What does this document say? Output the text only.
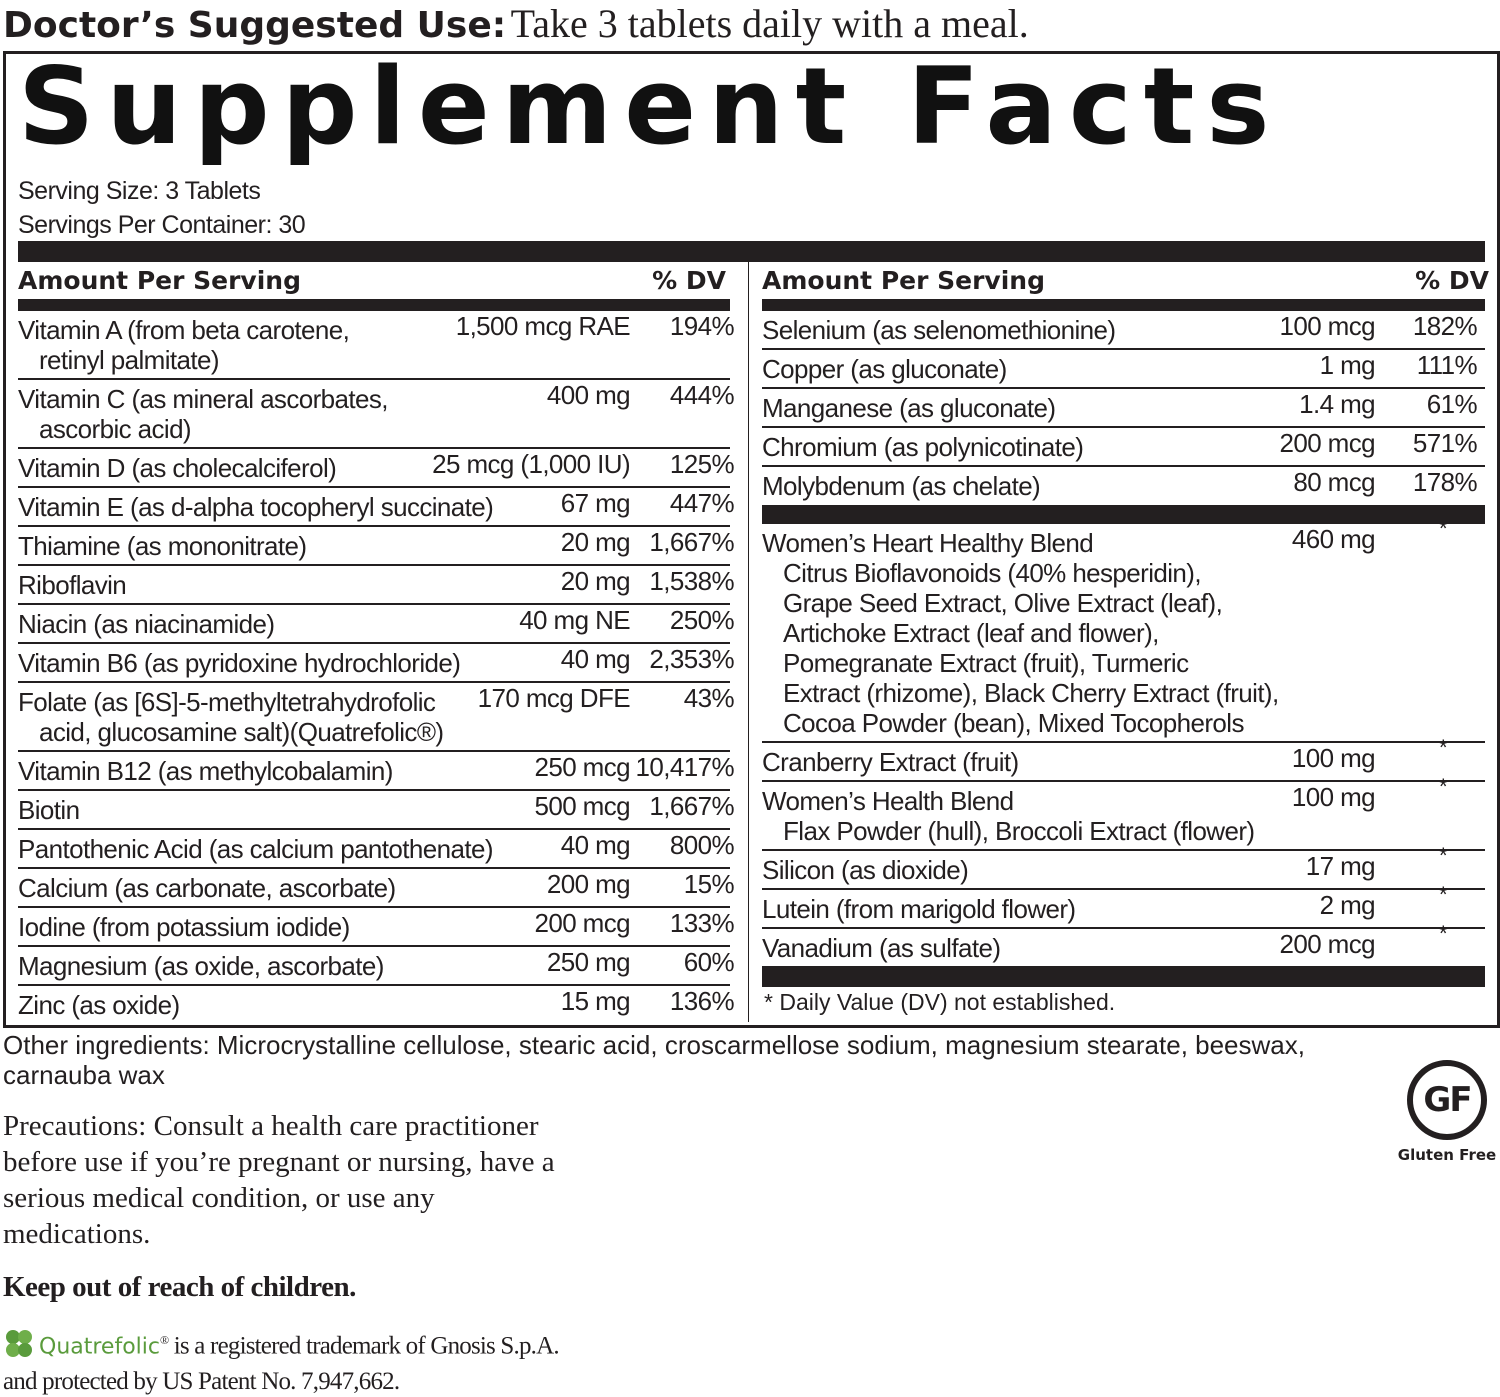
Doctor’s Suggested Use: Take 3 tablets daily with a meal.
Supplement Facts
Serving Size: 3 Tablets
Servings Per Container: 30
Amount Per Serving	% DV
Vitamin A (from beta carotene,
retinyl palmitate)
1,500 mcg RAE 194%
Vitamin C (as mineral ascorbates,
ascorbic acid)
400 mg 444%
Vitamin D (as cholecalciferol)	25 mcg (1,000 IU) 125%
Vitamin E (as d-alpha tocopheryl succinate)	67 mg 447%
Thiamine (as mononitrate)	20 mg 1,667%
Riboflavin	20 mg 1,538%
Niacin (as niacinamide)	40 mg NE 250%
Vitamin B6 (as pyridoxine hydrochloride)	40 mg 2,353%
Folate (as [6S]-5-methyltetrahydrofolic
acid, glucosamine salt)(Quatrefolic®)
170 mcg DFE 43%
Vitamin B12 (as methylcobalamin)	250 mcg 10,417%
Biotin	500 mcg 1,667%
Pantothenic Acid (as calcium pantothenate)	40 mg 800%
Calcium (as carbonate, ascorbate)	200 mg 15%
Iodine (from potassium iodide)	200 mcg 133%
Magnesium (as oxide, ascorbate)	250 mg 60%
Zinc (as oxide)	15 mg 136%
Amount Per Serving	% DV
Selenium (as selenomethionine)	100 mcg 182%
Copper (as gluconate)	1 mg 111%
Manganese (as gluconate)	1.4 mg 61%
Chromium (as polynicotinate)	200 mcg 571%
Molybdenum (as chelate)	80 mcg 178%
Women’s Heart Healthy Blend
Citrus Bioflavonoids (40% hesperidin),
Grape Seed Extract, Olive Extract (leaf),
Artichoke Extract (leaf and flower),
Pomegranate Extract (fruit), Turmeric
Extract (rhizome), Black Cherry Extract (fruit),
Cocoa Powder (bean), Mixed Tocopherols
460 mg	*
Cranberry Extract (fruit)	100 mg	*
Women’s Health Blend
Flax Powder (hull), Broccoli Extract (flower)
100 mg	*
Silicon (as dioxide)	17 mg	*
Lutein (from marigold flower)	2 mg	*
Vanadium (as sulfate)	200 mcg	*
* Daily Value (DV) not established.
Other ingredients: Microcrystalline cellulose, stearic acid, croscarmellose sodium, magnesium stearate, beeswax, carnauba wax
Precautions: Consult a health care practitioner before use if you’re pregnant or nursing, have a serious medical condition, or use any medications.
Keep out of reach of children.
Quatrefolic® is a registered trademark of Gnosis S.p.A. and protected by US Patent No. 7,947,662.
GF
Gluten Free
